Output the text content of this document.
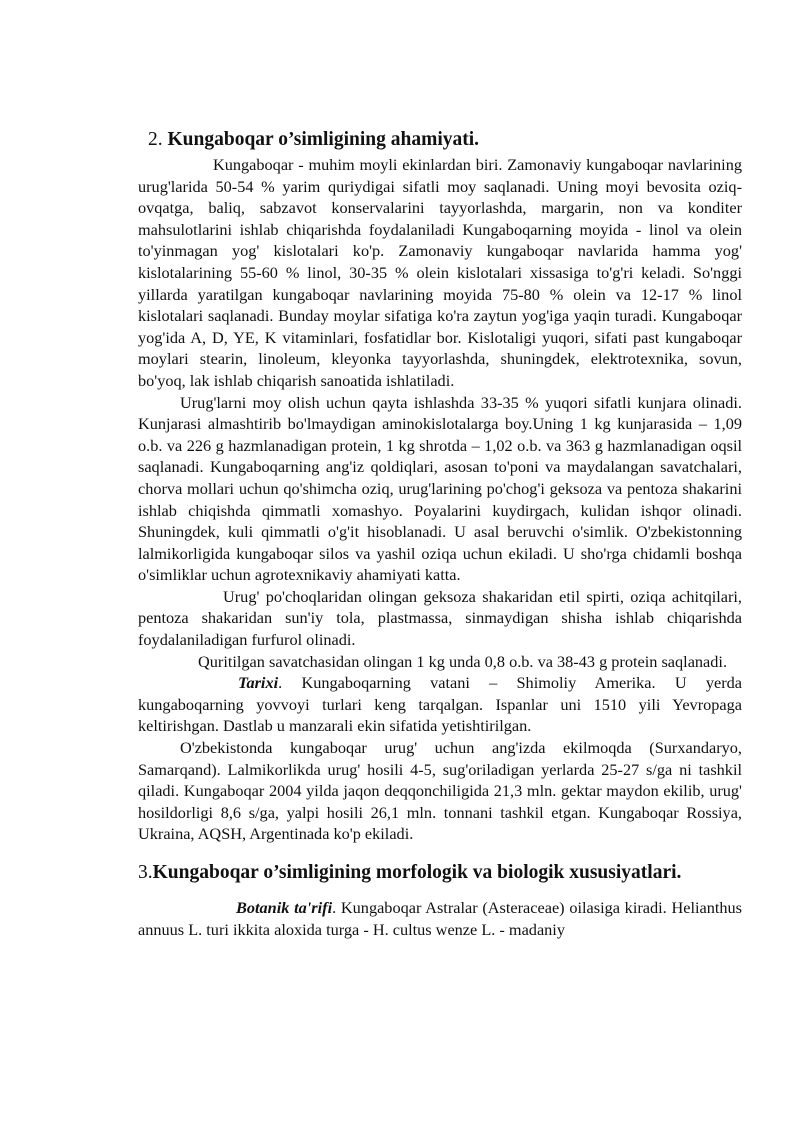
2. Kungaboqar o’simligining ahamiyati.

Kungaboqar - muhim moyli ekinlardan biri. Zamonaviy kungaboqar navlarining urug'larida 50-54 % yarim quriydigai sifatli moy saqlanadi. Uning moyi bevosita oziq-ovqatga, baliq, sabzavot konservalarini tayyorlashda, margarin, non va konditer mahsulotlarini ishlab chiqarishda foydalaniladi Kungaboqarning moyida - linol va olein to'yinmagan yog' kislotalari ko'p. Zamonaviy kungaboqar navlarida hamma yog' kislotalarining 55-60 % linol, 30-35 % olein kislotalari xissasiga to'g'ri keladi. So'nggi yillarda yaratilgan kungaboqar navlarining moyida 75-80 % olein va 12-17 % linol kislotalari saqlanadi. Bunday moylar sifatiga ko'ra zaytun yog'iga yaqin turadi. Kungaboqar yog'ida A, D, YE, K vitaminlari, fosfatidlar bor. Kislotaligi yuqori, sifati past kungaboqar moylari stearin, linoleum, kleyonka tayyorlashda, shuningdek, elektrotexnika, sovun, bo'yoq, lak ishlab chiqarish sanoatida ishlatiladi.

Urug'larni moy olish uchun qayta ishlashda 33-35 % yuqori sifatli kunjara olinadi. Kunjarasi almashtirib bo'lmaydigan aminokislotalarga boy.Uning 1 kg kunjarasida – 1,09 o.b. va 226 g hazmlanadigan protein, 1 kg shrotda – 1,02 o.b. va 363 g hazmlanadigan oqsil saqlanadi. Kungaboqarning ang'iz qoldiqlari, asosan to'poni va maydalangan savatchalari, chorva mollari uchun qo'shimcha oziq, urug'larining po'chog'i geksoza va pentoza shakarini ishlab chiqishda qimmatli xomashyo. Poyalarini kuydirgach, kulidan ishqor olinadi. Shuningdek, kuli qimmatli o'g'it hisoblanadi. U asal beruvchi o'simlik. O'zbekistonning lalmikorligida kungaboqar silos va yashil oziqa uchun ekiladi. U sho'rga chidamli boshqa o'simliklar uchun agrotexnikaviy ahamiyati katta.

Urug' po'choqlaridan olingan geksoza shakaridan etil spirti, oziqa achitqilari, pentoza shakaridan sun'iy tola, plastmassa, sinmaydigan shisha ishlab chiqarishda foydalaniladigan furfurol olinadi.

Quritilgan savatchasidan olingan 1 kg unda 0,8 o.b. va 38-43 g protein saqlanadi.

Tarixi. Kungaboqarning vatani – Shimoliy Amerika. U yerda kungaboqarning yovvoyi turlari keng tarqalgan. Ispanlar uni 1510 yili Yevropaga keltirishgan. Dastlab u manzarali ekin sifatida yetishtirilgan.

O'zbekistonda kungaboqar urug' uchun ang'izda ekilmoqda (Surxandaryo, Samarqand). Lalmikorlikda urug' hosili 4-5, sug'oriladigan yerlarda 25-27 s/ga ni tashkil qiladi. Kungaboqar 2004 yilda jaqon deqqonchiligida 21,3 mln. gektar maydon ekilib, urug' hosildorligi 8,6 s/ga, yalpi hosili 26,1 mln. tonnani tashkil etgan. Kungaboqar Rossiya, Ukraina, AQSH, Argentinada ko'p ekiladi.

3.Kungaboqar o’simligining morfologik va biologik xususiyatlari.

Botanik ta'rifi. Kungaboqar Astralar (Asteraceae) oilasiga kiradi. Helianthus annuus L. turi ikkita aloxida turga - H. cultus wenze L. - madaniy
